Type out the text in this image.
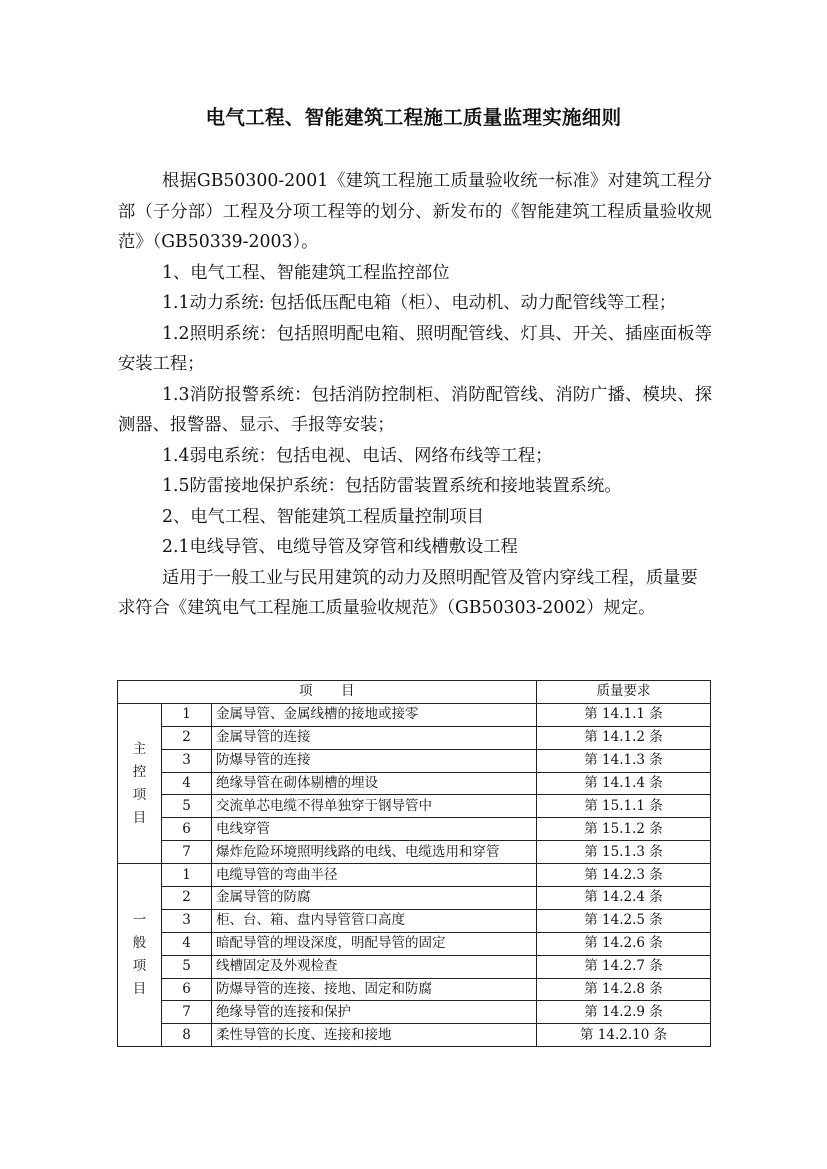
电气工程、智能建筑工程施工质量监理实施细则

根据GB50300-2001《建筑工程施工质量验收统一标准》对建筑工程分部（子分部）工程及分项工程等的划分、新发布的《智能建筑工程质量验收规范》（GB50339-2003）。

1、电气工程、智能建筑工程监控部位

1.1动力系统: 包括低压配电箱（柜）、电动机、动力配管线等工程；

1.2照明系统：包括照明配电箱、照明配管线、灯具、开关、插座面板等安装工程；

1.3消防报警系统：包括消防控制柜、消防配管线、消防广播、模块、探测器、报警器、显示、手报等安装；

1.4弱电系统：包括电视、电话、网络布线等工程；

1.5防雷接地保护系统：包括防雷装置系统和接地装置系统。

2、电气工程、智能建筑工程质量控制项目

2.1电线导管、电缆导管及穿管和线槽敷设工程

适用于一般工业与民用建筑的动力及照明配管及管内穿线工程，质量要求符合《建筑电气工程施工质量验收规范》（GB50303-2002）规定。

项　　目			质量要求

主
控
项
目	1	金属导管、金属线槽的接地或接零	第 14.1.1 条
	2	金属导管的连接	第 14.1.2 条
	3	防爆导管的连接	第 14.1.3 条
	4	绝缘导管在砌体剔槽的埋设	第 14.1.4 条
	5	交流单芯电缆不得单独穿于钢导管中	第 15.1.1 条
	6	电线穿管	第 15.1.2 条
	7	爆炸危险环境照明线路的电线、电缆选用和穿管	第 15.1.3 条

一
般
项
目	1	电缆导管的弯曲半径	第 14.2.3 条
	2	金属导管的防腐	第 14.2.4 条
	3	柜、台、箱、盘内导管管口高度	第 14.2.5 条
	4	暗配导管的埋设深度，明配导管的固定	第 14.2.6 条
	5	线槽固定及外观检查	第 14.2.7 条
	6	防爆导管的连接、接地、固定和防腐	第 14.2.8 条
	7	绝缘导管的连接和保护	第 14.2.9 条
	8	柔性导管的长度、连接和接地	第 14.2.10 条
